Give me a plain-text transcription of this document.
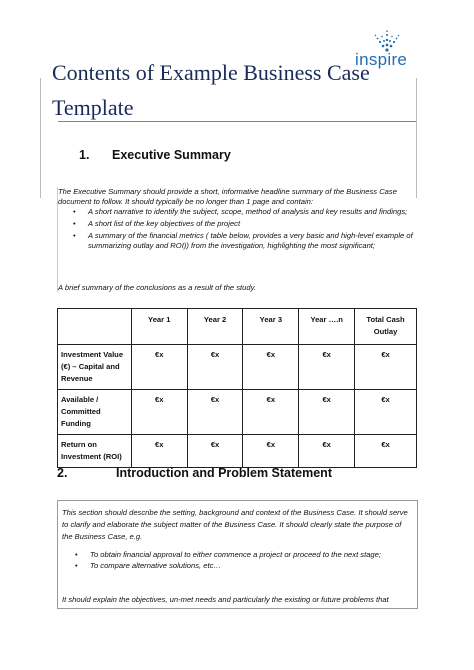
inspire
Contents of Example Business Case
Template
1. Executive Summary
The Executive Summary should provide a short, informative headline summary of the Business Case document to follow. It should typically be no longer than 1 page and contain:
• A short narrative to identify the subject, scope, method of analysis and key results and findings;
• A short list of the key objectives of the project
• A summary of the financial metrics ( table below, provides a very basic and high-level example of summarizing outlay and ROI)) from the investigation, highlighting the most significant;
A brief summary of the conclusions as a result of the study.
	Year 1	Year 2	Year 3	Year ….n	Total Cash Outlay
Investment Value (€) – Capital and Revenue	€x	€x	€x	€x	€x
Available / Committed Funding	€x	€x	€x	€x	€x
Return on Investment (ROI)	€x	€x	€x	€x	€x
2.	Introduction and Problem Statement
This section should describe the setting, background and context of the Business Case. It should serve to clarify and elaborate the subject matter of the Business Case. It should clearly state the purpose of the Business Case, e.g.
• To obtain financial approval to either commence a project or proceed to the next stage;
• To compare alternative solutions, etc…
It should explain the objectives, un-met needs and particularly the existing or future problems that
